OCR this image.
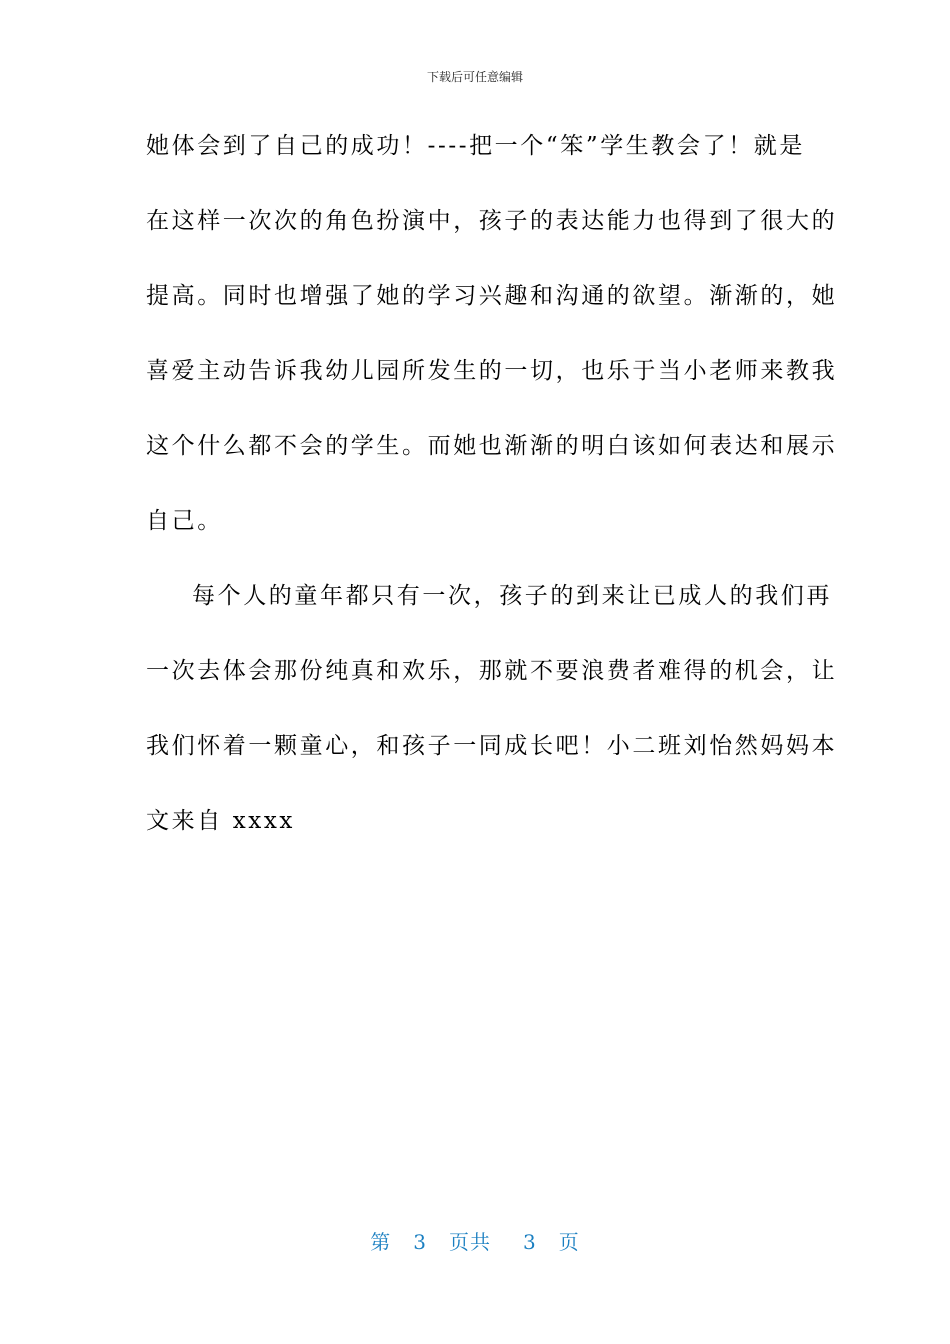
下载后可任意编辑
她体会到了自己的成功！----把一个“笨”学生教会了！就是
在这样一次次的角色扮演中，孩子的表达能力也得到了很大的
提高。同时也增强了她的学习兴趣和沟通的欲望。渐渐的，她
喜爱主动告诉我幼儿园所发生的一切，也乐于当小老师来教我
这个什么都不会的学生。而她也渐渐的明白该如何表达和展示
自己。
每个人的童年都只有一次，孩子的到来让已成人的我们再
一次去体会那份纯真和欢乐，那就不要浪费者难得的机会，让
我们怀着一颗童心，和孩子一同成长吧！小二班刘怡然妈妈本
文来自 xxxx
第 3 页共 3 页
